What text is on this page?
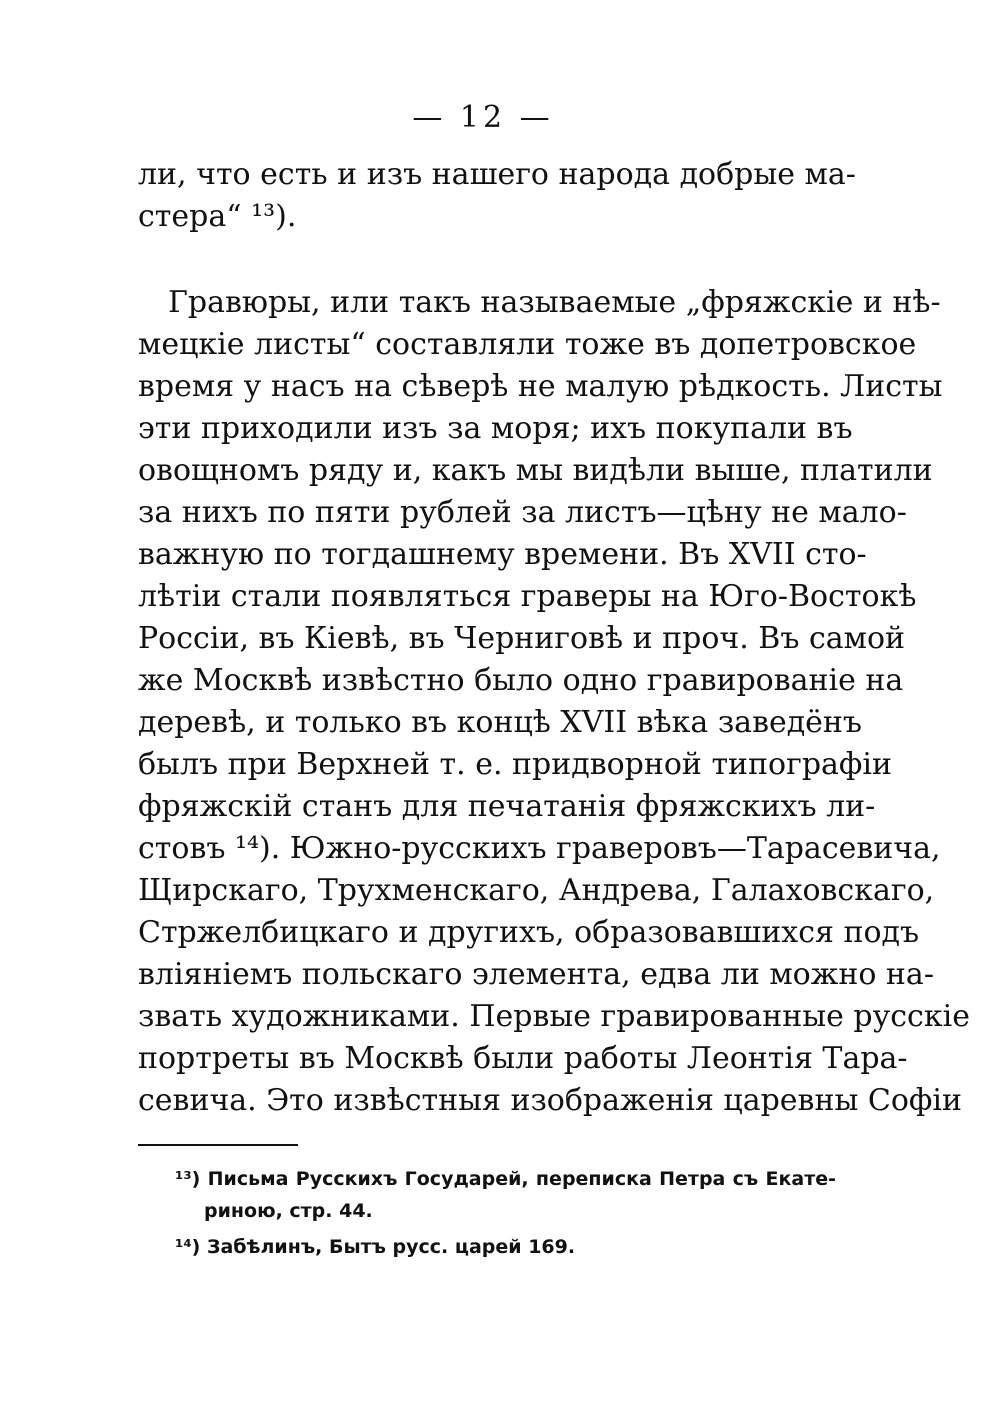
— 12 —
ли, что есть и изъ нашего народа добрые ма-
стера“ ¹³).
Гравюры, или такъ называемые „фряжскіе и нѣ-
мецкіе листы“ составляли тоже въ допетровское
время у насъ на сѣверѣ не малую рѣдкость. Листы
эти приходили изъ за моря; ихъ покупали въ
овощномъ ряду и, какъ мы видѣли выше, платили
за нихъ по пяти рублей за листъ—цѣну не мало-
важную по тогдашнему времени. Въ XVII сто-
лѣтіи стали появляться граверы на Юго-Востокѣ
Россіи, въ Кіевѣ, въ Черниговѣ и проч. Въ самой
же Москвѣ извѣстно было одно гравированіе на
деревѣ, и только въ концѣ XVII вѣка заведёнъ
былъ при Верхней т. е. придворной типографіи
фряжскій станъ для печатанія фряжскихъ ли-
стовъ ¹⁴). Южно-русскихъ граверовъ—Тарасевича,
Щирскаго, Трухменскаго, Андрева, Галаховскаго,
Стржелбицкаго и другихъ, образовавшихся подъ
вліяніемъ польскаго элемента, едва ли можно на-
звать художниками. Первые гравированные русскіе
портреты въ Москвѣ были работы Леонтія Тара-
севича. Это извѣстныя изображенія царевны Софіи
¹³) Письма Русскихъ Государей, переписка Петра съ Екате-
риною, стр. 44.
¹⁴) Забѣлинъ, Бытъ русс. царей 169.
